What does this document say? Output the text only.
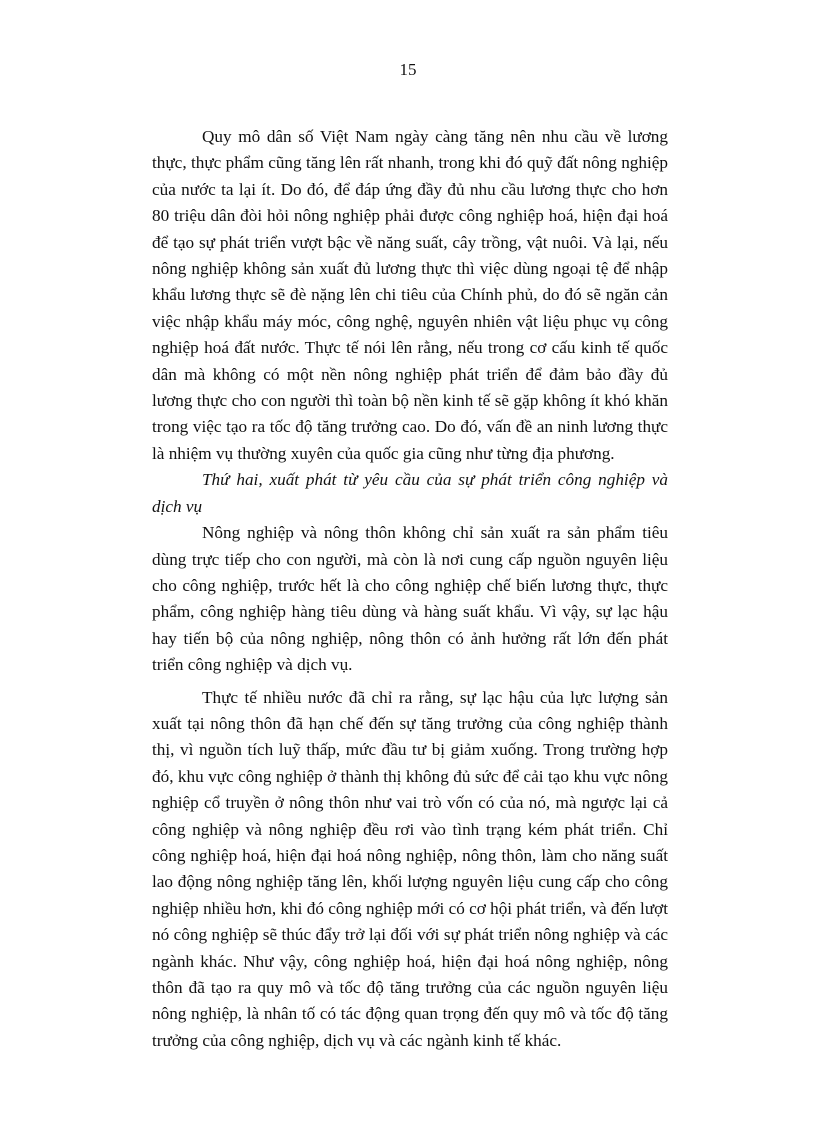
15

Quy mô dân số Việt Nam ngày càng tăng nên nhu cầu về lương thực, thực phẩm cũng tăng lên rất nhanh, trong khi đó quỹ đất nông nghiệp của nước ta lại ít. Do đó, để đáp ứng đầy đủ nhu cầu lương thực cho hơn 80 triệu dân đòi hỏi nông nghiệp phải được công nghiệp hoá, hiện đại hoá để tạo sự phát triển vượt bậc về năng suất, cây trồng, vật nuôi. Và lại, nếu nông nghiệp không sản xuất đủ lương thực thì việc dùng ngoại tệ để nhập khẩu lương thực sẽ đè nặng lên chi tiêu của Chính phủ, do đó sẽ ngăn cản việc nhập khẩu máy móc, công nghệ, nguyên nhiên vật liệu phục vụ công nghiệp hoá đất nước. Thực tế nói lên rằng, nếu trong cơ cấu kinh tế quốc dân mà không có một nền nông nghiệp phát triển để đảm bảo đầy đủ lương thực cho con người thì toàn bộ nền kinh tế sẽ gặp không ít khó khăn trong việc tạo ra tốc độ tăng trưởng cao. Do đó, vấn đề an ninh lương thực là nhiệm vụ thường xuyên của quốc gia cũng như từng địa phương.

Thứ hai, xuất phát từ yêu cầu của sự phát triển công nghiệp và dịch vụ

Nông nghiệp và nông thôn không chỉ sản xuất ra sản phẩm tiêu dùng trực tiếp cho con người, mà còn là nơi cung cấp nguồn nguyên liệu cho công nghiệp, trước hết là cho công nghiệp chế biến lương thực, thực phẩm, công nghiệp hàng tiêu dùng và hàng suất khẩu. Vì vậy, sự lạc hậu hay tiến bộ của nông nghiệp, nông thôn có ảnh hưởng rất lớn đến phát triển công nghiệp và dịch vụ.

Thực tế nhiều nước đã chỉ ra rằng, sự lạc hậu của lực lượng sản xuất tại nông thôn đã hạn chế đến sự tăng trưởng của công nghiệp thành thị, vì nguồn tích luỹ thấp, mức đầu tư bị giảm xuống. Trong trường hợp đó, khu vực công nghiệp ở thành thị không đủ sức để cải tạo khu vực nông nghiệp cổ truyền ở nông thôn như vai trò vốn có của nó, mà ngược lại cả công nghiệp và nông nghiệp đều rơi vào tình trạng kém phát triển. Chỉ công nghiệp hoá, hiện đại hoá nông nghiệp, nông thôn, làm cho năng suất lao động nông nghiệp tăng lên, khối lượng nguyên liệu cung cấp cho công nghiệp nhiều hơn, khi đó công nghiệp mới có cơ hội phát triển, và đến lượt nó công nghiệp sẽ thúc đẩy trở lại đối với sự phát triển nông nghiệp và các ngành khác. Như vậy, công nghiệp hoá, hiện đại hoá nông nghiệp, nông thôn đã tạo ra quy mô và tốc độ tăng trưởng của các nguồn nguyên liệu nông nghiệp, là nhân tố có tác động quan trọng đến quy mô và tốc độ tăng trưởng của công nghiệp, dịch vụ và các ngành kinh tế khác.
